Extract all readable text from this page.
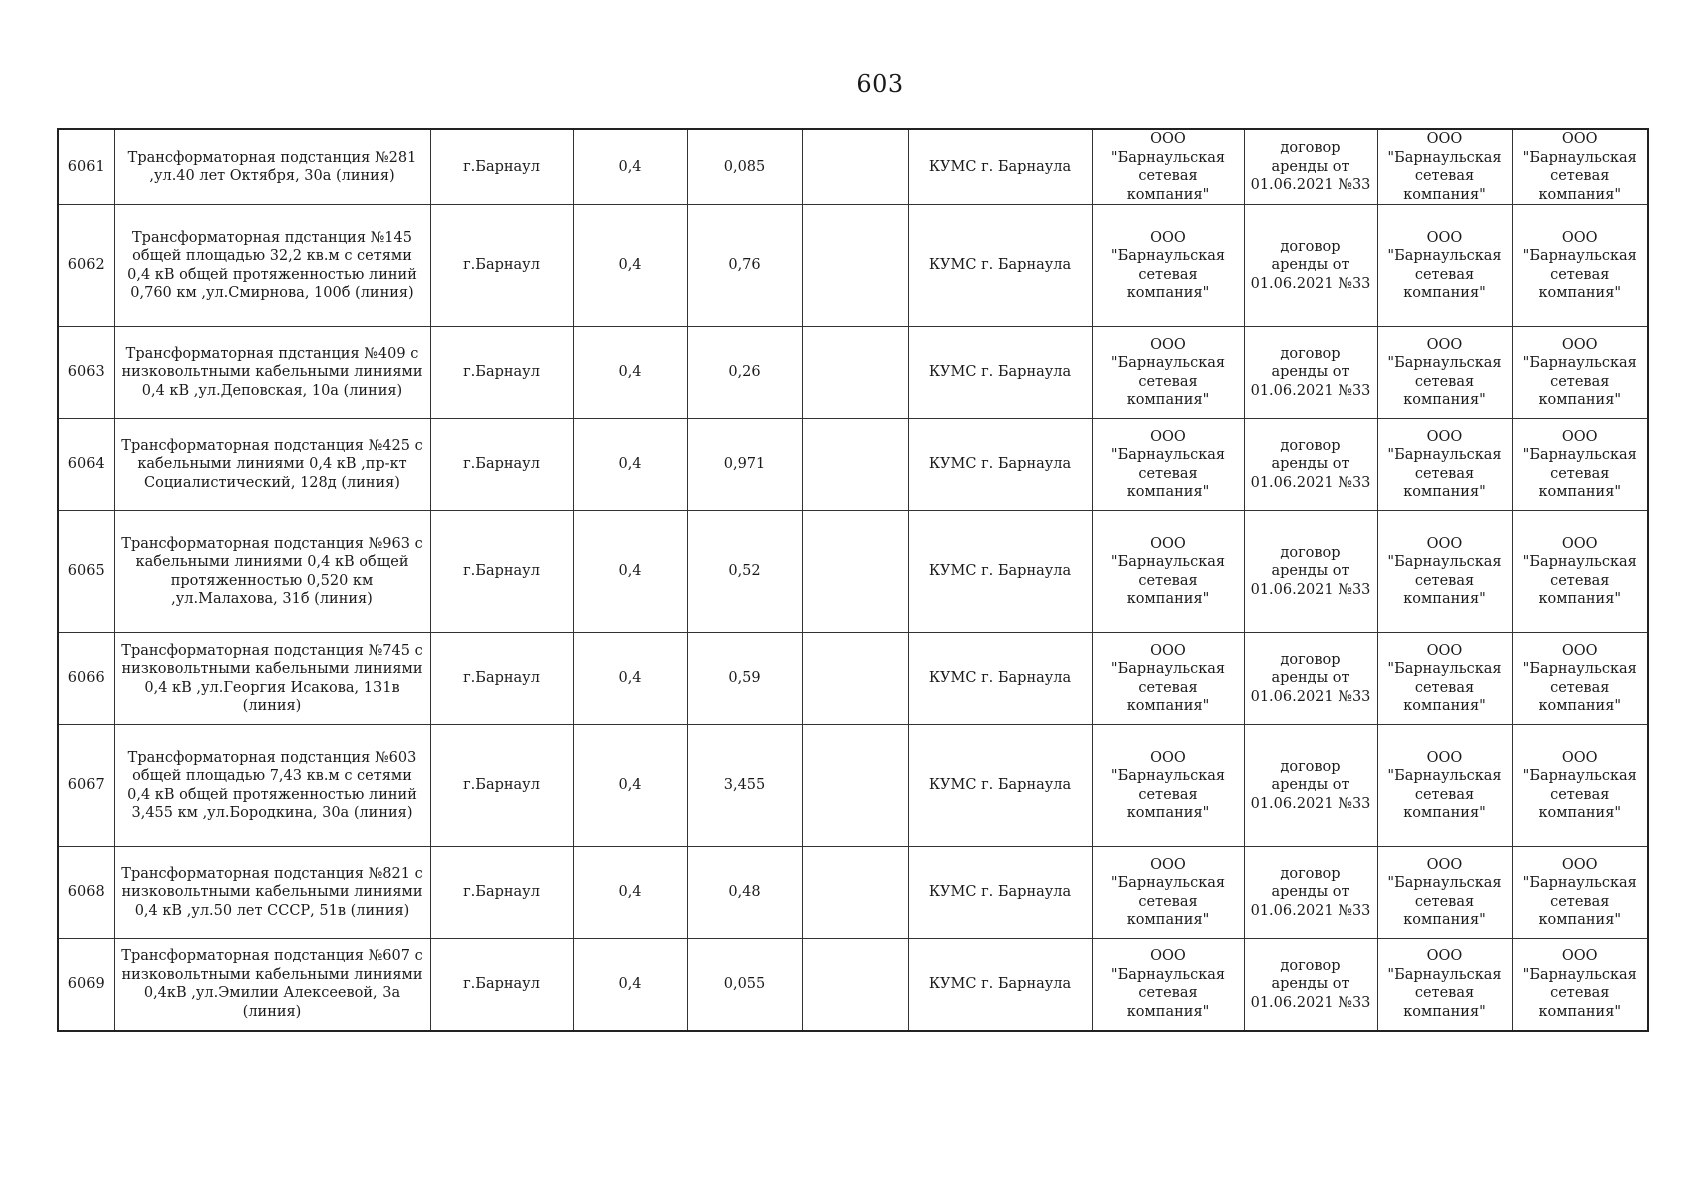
603
6061	Трансформаторная подстанция №281 ,ул.40 лет Октября, 30а (линия)	г.Барнаул	0,4	0,085		КУМС г. Барнаула	ООО "Барнаульская сетевая компания"	договор аренды от 01.06.2021 №33	ООО "Барнаульская сетевая компания"	ООО "Барнаульская сетевая компания"
6062	Трансформаторная пдстанция №145 общей площадью 32,2 кв.м с сетями 0,4 кВ общей протяженностью линий 0,760 км ,ул.Смирнова, 100б (линия)	г.Барнаул	0,4	0,76		КУМС г. Барнаула	ООО "Барнаульская сетевая компания"	договор аренды от 01.06.2021 №33	ООО "Барнаульская сетевая компания"	ООО "Барнаульская сетевая компания"
6063	Трансформаторная пдстанция №409 с низковольтными кабельными линиями 0,4 кВ ,ул.Деповская, 10а (линия)	г.Барнаул	0,4	0,26		КУМС г. Барнаула	ООО "Барнаульская сетевая компания"	договор аренды от 01.06.2021 №33	ООО "Барнаульская сетевая компания"	ООО "Барнаульская сетевая компания"
6064	Трансформаторная подстанция №425 с кабельными линиями 0,4 кВ ,пр-кт Социалистический, 128д (линия)	г.Барнаул	0,4	0,971		КУМС г. Барнаула	ООО "Барнаульская сетевая компания"	договор аренды от 01.06.2021 №33	ООО "Барнаульская сетевая компания"	ООО "Барнаульская сетевая компания"
6065	Трансформаторная подстанция №963 с кабельными линиями 0,4 кВ общей протяженностью 0,520 км ,ул.Малахова, 31б (линия)	г.Барнаул	0,4	0,52		КУМС г. Барнаула	ООО "Барнаульская сетевая компания"	договор аренды от 01.06.2021 №33	ООО "Барнаульская сетевая компания"	ООО "Барнаульская сетевая компания"
6066	Трансформаторная подстанция №745 с низковольтными кабельными линиями 0,4 кВ ,ул.Георгия Исакова, 131в (линия)	г.Барнаул	0,4	0,59		КУМС г. Барнаула	ООО "Барнаульская сетевая компания"	договор аренды от 01.06.2021 №33	ООО "Барнаульская сетевая компания"	ООО "Барнаульская сетевая компания"
6067	Трансформаторная подстанция №603 общей площадью 7,43 кв.м с сетями 0,4 кВ общей протяженностью линий 3,455 км ,ул.Бородкина, 30а (линия)	г.Барнаул	0,4	3,455		КУМС г. Барнаула	ООО "Барнаульская сетевая компания"	договор аренды от 01.06.2021 №33	ООО "Барнаульская сетевая компания"	ООО "Барнаульская сетевая компания"
6068	Трансформаторная подстанция №821 с низковольтными кабельными линиями 0,4 кВ ,ул.50 лет СССР, 51в (линия)	г.Барнаул	0,4	0,48		КУМС г. Барнаула	ООО "Барнаульская сетевая компания"	договор аренды от 01.06.2021 №33	ООО "Барнаульская сетевая компания"	ООО "Барнаульская сетевая компания"
6069	Трансформаторная подстанция №607 с низковольтными кабельными линиями 0,4кВ ,ул.Эмилии Алексеевой, 3а (линия)	г.Барнаул	0,4	0,055		КУМС г. Барнаула	ООО "Барнаульская сетевая компания"	договор аренды от 01.06.2021 №33	ООО "Барнаульская сетевая компания"	ООО "Барнаульская сетевая компания"
